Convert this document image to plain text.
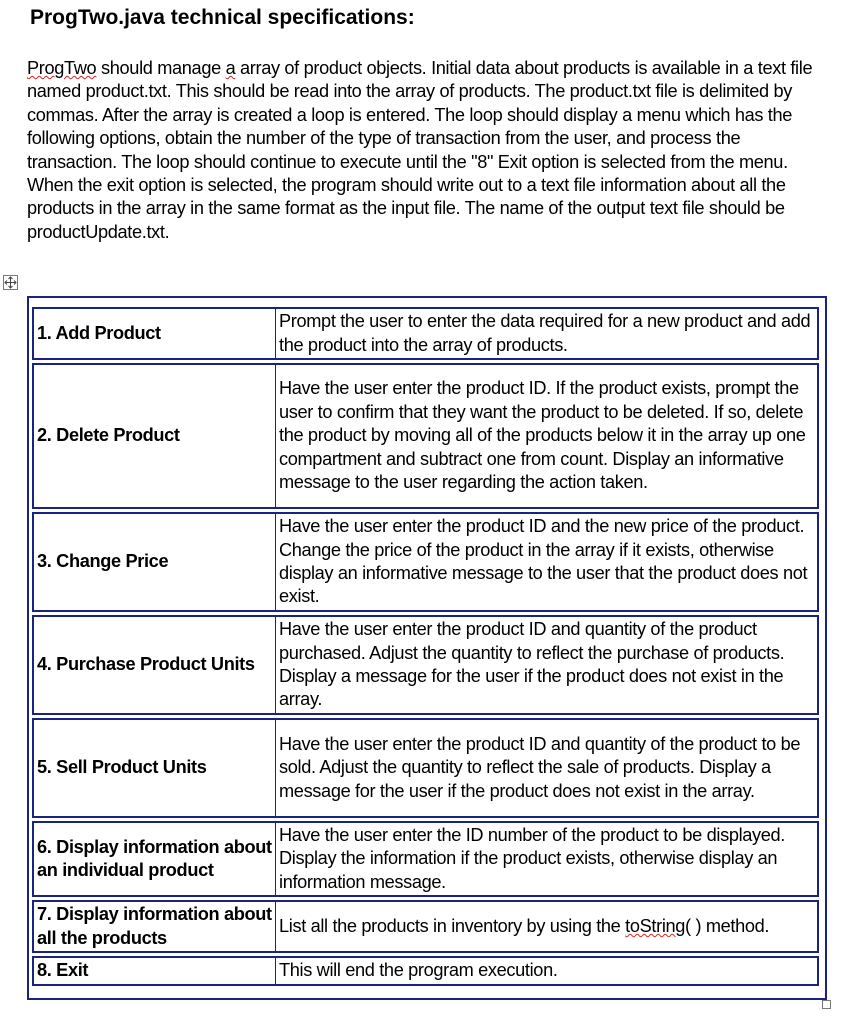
ProgTwo.java technical specifications:
ProgTwo should manage a array of product objects. Initial data about products is available in a text file named product.txt. This should be read into the array of products. The product.txt file is delimited by commas. After the array is created a loop is entered. The loop should display a menu which has the following options, obtain the number of the type of transaction from the user, and process the transaction. The loop should continue to execute until the "8" Exit option is selected from the menu. When the exit option is selected, the program should write out to a text file information about all the products in the array in the same format as the input file. The name of the output text file should be productUpdate.txt.
1. Add Product	Prompt the user to enter the data required for a new product and add the product into the array of products.
2. Delete Product	Have the user enter the product ID. If the product exists, prompt the user to confirm that they want the product to be deleted. If so, delete the product by moving all of the products below it in the array up one compartment and subtract one from count. Display an informative message to the user regarding the action taken.
3. Change Price	Have the user enter the product ID and the new price of the product. Change the price of the product in the array if it exists, otherwise display an informative message to the user that the product does not exist.
4. Purchase Product Units	Have the user enter the product ID and quantity of the product purchased. Adjust the quantity to reflect the purchase of products. Display a message for the user if the product does not exist in the array.
5. Sell Product Units	Have the user enter the product ID and quantity of the product to be sold. Adjust the quantity to reflect the sale of products. Display a message for the user if the product does not exist in the array.
6. Display information about an individual product	Have the user enter the ID number of the product to be displayed. Display the information if the product exists, otherwise display an information message.
7. Display information about all the products	List all the products in inventory by using the toString( ) method.
8. Exit	This will end the program execution.
